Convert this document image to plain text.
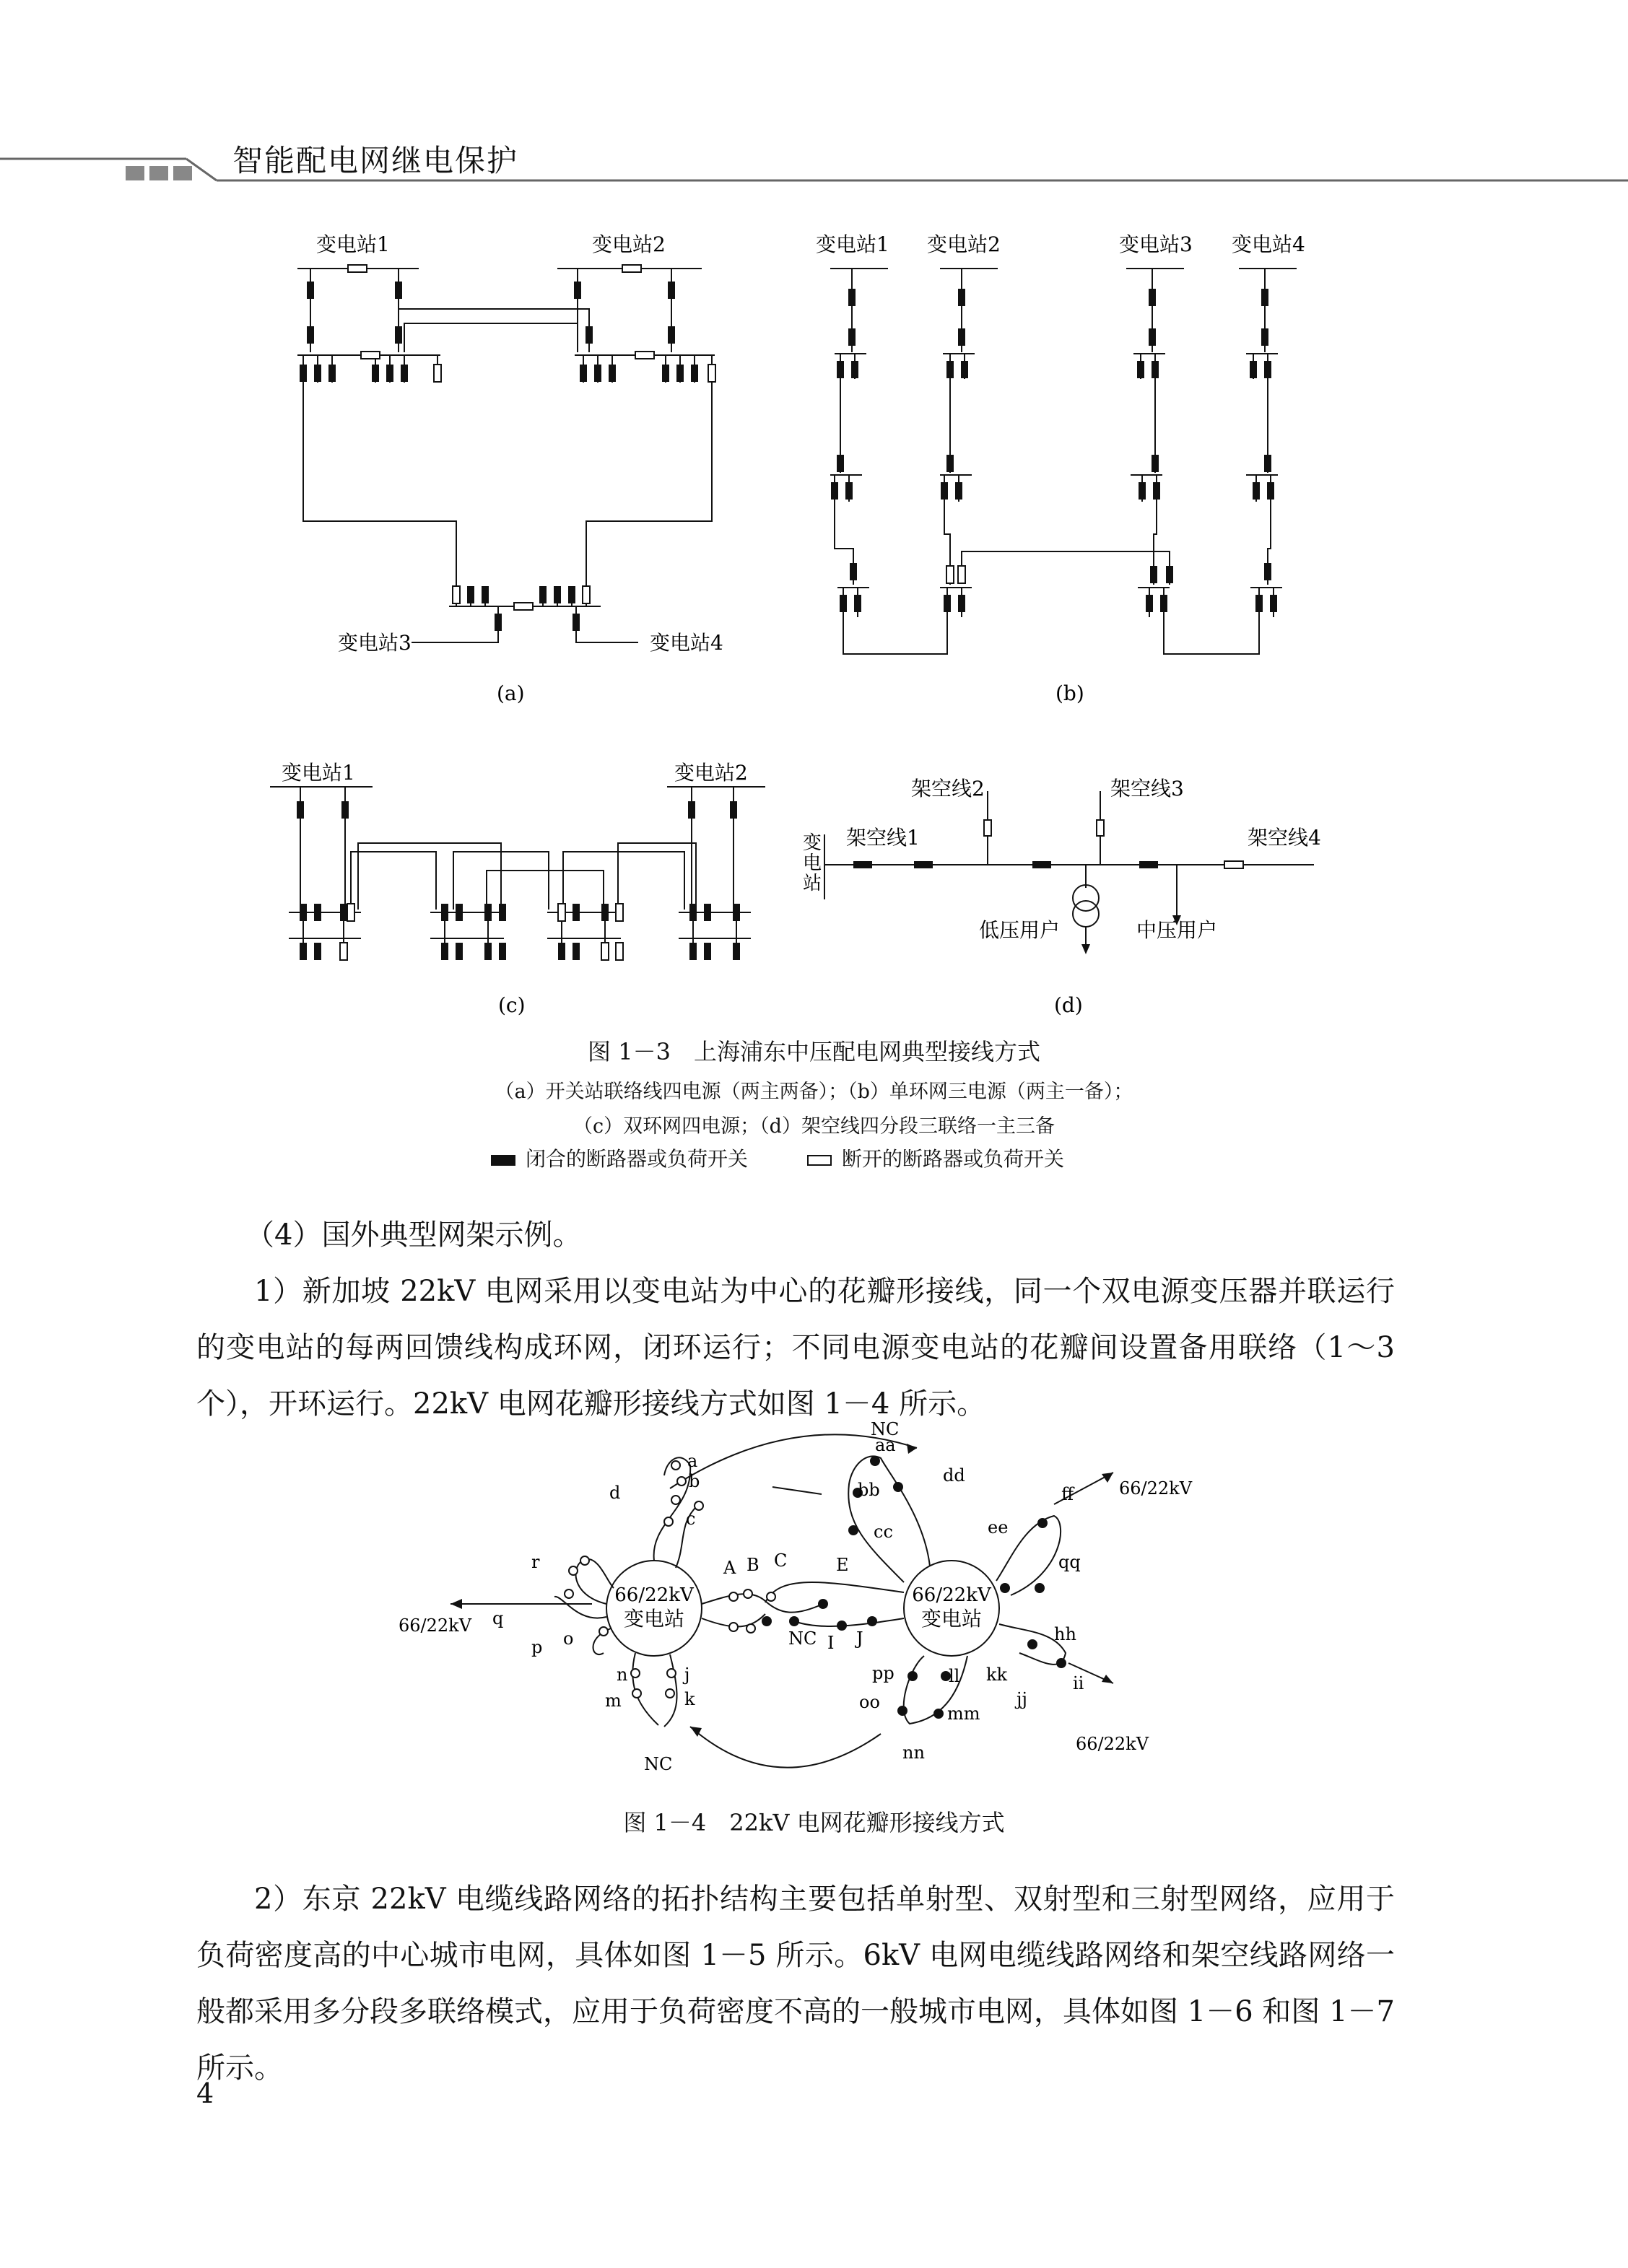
智能配电网继电保护
变电站1	变电站2
变电站3	变电站4
(a)
变电站1 变电站2	变电站3 变电站4
(b)
变电站1	变电站2
(c)
变
电
站
架空线1
架空线2	架空线3
架空线4
低压用户	中压用户
(d)
图 1－3　上海浦东中压配电网典型接线方式
（a）开关站联络线四电源（两主两备）；（b）单环网三电源（两主一备）；
（c）双环网四电源；（d）架空线四分段三联络一主三备
闭合的断路器或负荷开关	断开的断路器或负荷开关
（4）国外典型网架示例。
1）新加坡 22kV 电网采用以变电站为中心的花瓣形接线，同一个双电源变压器并联运行的变电站的每两回馈线构成环网，闭环运行；不同电源变电站的花瓣间设置备用联络（1～3 个），开环运行。22kV 电网花瓣形接线方式如图 1－4 所示。
66/22kV
变电站
66/22kV
变电站
66/22kV
66/22kV
66/22kV
NC
NC
NC
a
b
c
d
r
q
p o
n
m
j
k
A B C	E
I J
aa
bb
cc
dd
ee
ff
qq
hh
ii
jj
kk
ll
mm
nn
oo
pp
图 1－4　22kV 电网花瓣形接线方式
2）东京 22kV 电缆线路网络的拓扑结构主要包括单射型、双射型和三射型网络，应用于负荷密度高的中心城市电网，具体如图 1－5 所示。6kV 电网电缆线路网络和架空线路网络一般都采用多分段多联络模式，应用于负荷密度不高的一般城市电网，具体如图 1－6 和图 1－7 所示。
4
